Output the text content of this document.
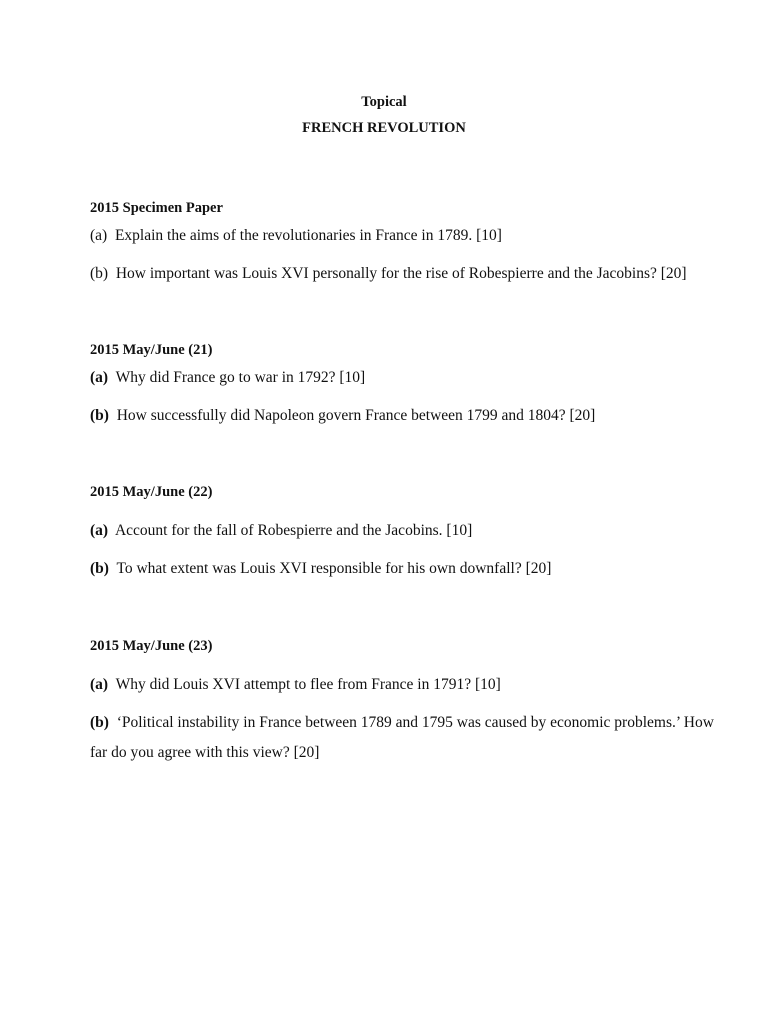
Topical
FRENCH REVOLUTION
2015 Specimen Paper
(a) Explain the aims of the revolutionaries in France in 1789. [10]
(b) How important was Louis XVI personally for the rise of Robespierre and the Jacobins? [20]
2015 May/June (21)
(a) Why did France go to war in 1792? [10]
(b) How successfully did Napoleon govern France between 1799 and 1804? [20]
2015 May/June (22)
(a) Account for the fall of Robespierre and the Jacobins. [10]
(b) To what extent was Louis XVI responsible for his own downfall? [20]
2015 May/June (23)
(a) Why did Louis XVI attempt to flee from France in 1791? [10]
(b) ‘Political instability in France between 1789 and 1795 was caused by economic problems.’ How far do you agree with this view? [20]
